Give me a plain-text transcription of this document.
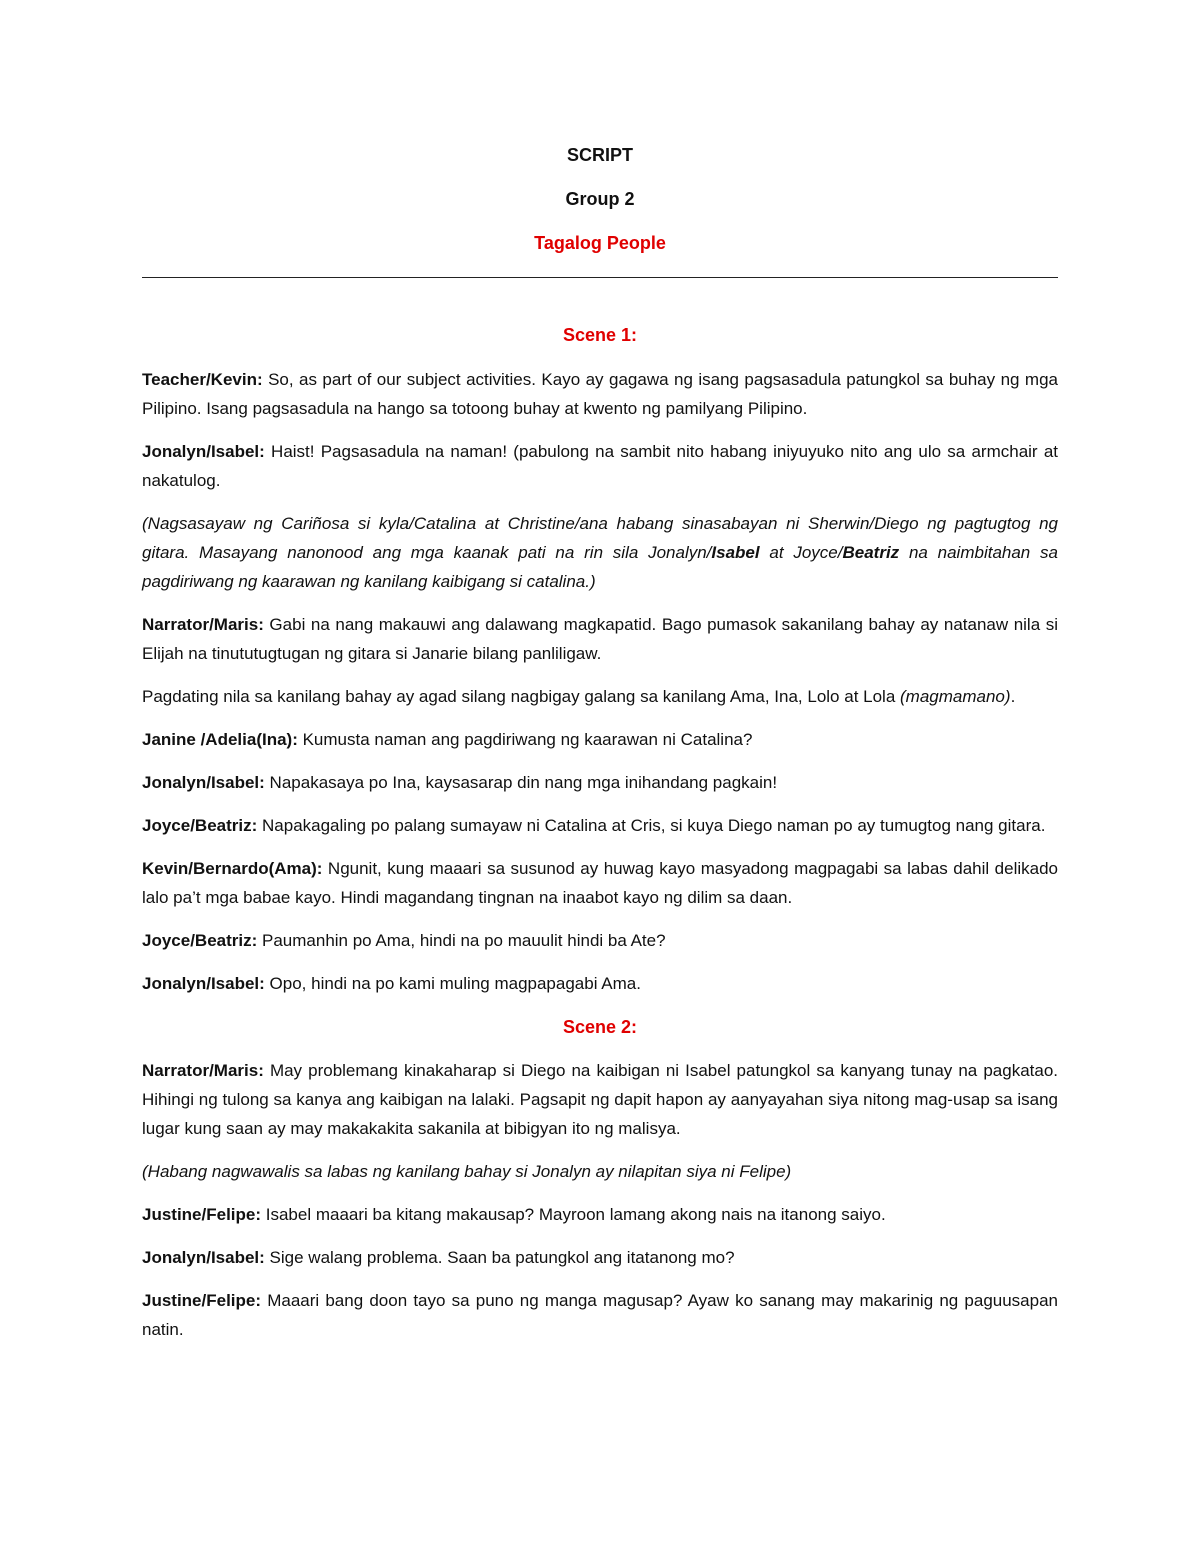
SCRIPT

Group 2

Tagalog People

Scene 1:

Teacher/Kevin: So, as part of our subject activities. Kayo ay gagawa ng isang pagsasadula patungkol sa buhay ng mga Pilipino. Isang pagsasadula na hango sa totoong buhay at kwento ng pamilyang Pilipino.

Jonalyn/Isabel: Haist! Pagsasadula na naman! (pabulong na sambit nito habang iniyuyuko nito ang ulo sa armchair at nakatulog.

(Nagsasayaw ng Cariñosa si kyla/Catalina at Christine/ana habang sinasabayan ni Sherwin/Diego ng pagtugtog ng gitara. Masayang nanonood ang mga kaanak pati na rin sila Jonalyn/Isabel at Joyce/Beatriz na naimbitahan sa pagdiriwang ng kaarawan ng kanilang kaibigang si catalina.)

Narrator/Maris: Gabi na nang makauwi ang dalawang magkapatid. Bago pumasok sakanilang bahay ay natanaw nila si Elijah na tinututugtugan ng gitara si Janarie bilang panliligaw.

Pagdating nila sa kanilang bahay ay agad silang nagbigay galang sa kanilang Ama, Ina, Lolo at Lola (magmamano).

Janine /Adelia(Ina): Kumusta naman ang pagdiriwang ng kaarawan ni Catalina?

Jonalyn/Isabel: Napakasaya po Ina, kaysasarap din nang mga inihandang pagkain!

Joyce/Beatriz: Napakagaling po palang sumayaw ni Catalina at Cris, si kuya Diego naman po ay tumugtog nang gitara.

Kevin/Bernardo(Ama): Ngunit, kung maaari sa susunod ay huwag kayo masyadong magpagabi sa labas dahil delikado lalo pa’t mga babae kayo. Hindi magandang tingnan na inaabot kayo ng dilim sa daan.

Joyce/Beatriz: Paumanhin po Ama, hindi na po mauulit hindi ba Ate?

Jonalyn/Isabel: Opo, hindi na po kami muling magpapagabi Ama.

Scene 2:

Narrator/Maris: May problemang kinakaharap si Diego na kaibigan ni Isabel patungkol sa kanyang tunay na pagkatao. Hihingi ng tulong sa kanya ang kaibigan na lalaki. Pagsapit ng dapit hapon ay aanyayahan siya nitong mag-usap sa isang lugar kung saan ay may makakakita sakanila at bibigyan ito ng malisya.

(Habang nagwawalis sa labas ng kanilang bahay si Jonalyn ay nilapitan siya ni Felipe)

Justine/Felipe: Isabel maaari ba kitang makausap? Mayroon lamang akong nais na itanong saiyo.

Jonalyn/Isabel: Sige walang problema. Saan ba patungkol ang itatanong mo?

Justine/Felipe: Maaari bang doon tayo sa puno ng manga magusap? Ayaw ko sanang may makarinig ng paguusapan natin.
